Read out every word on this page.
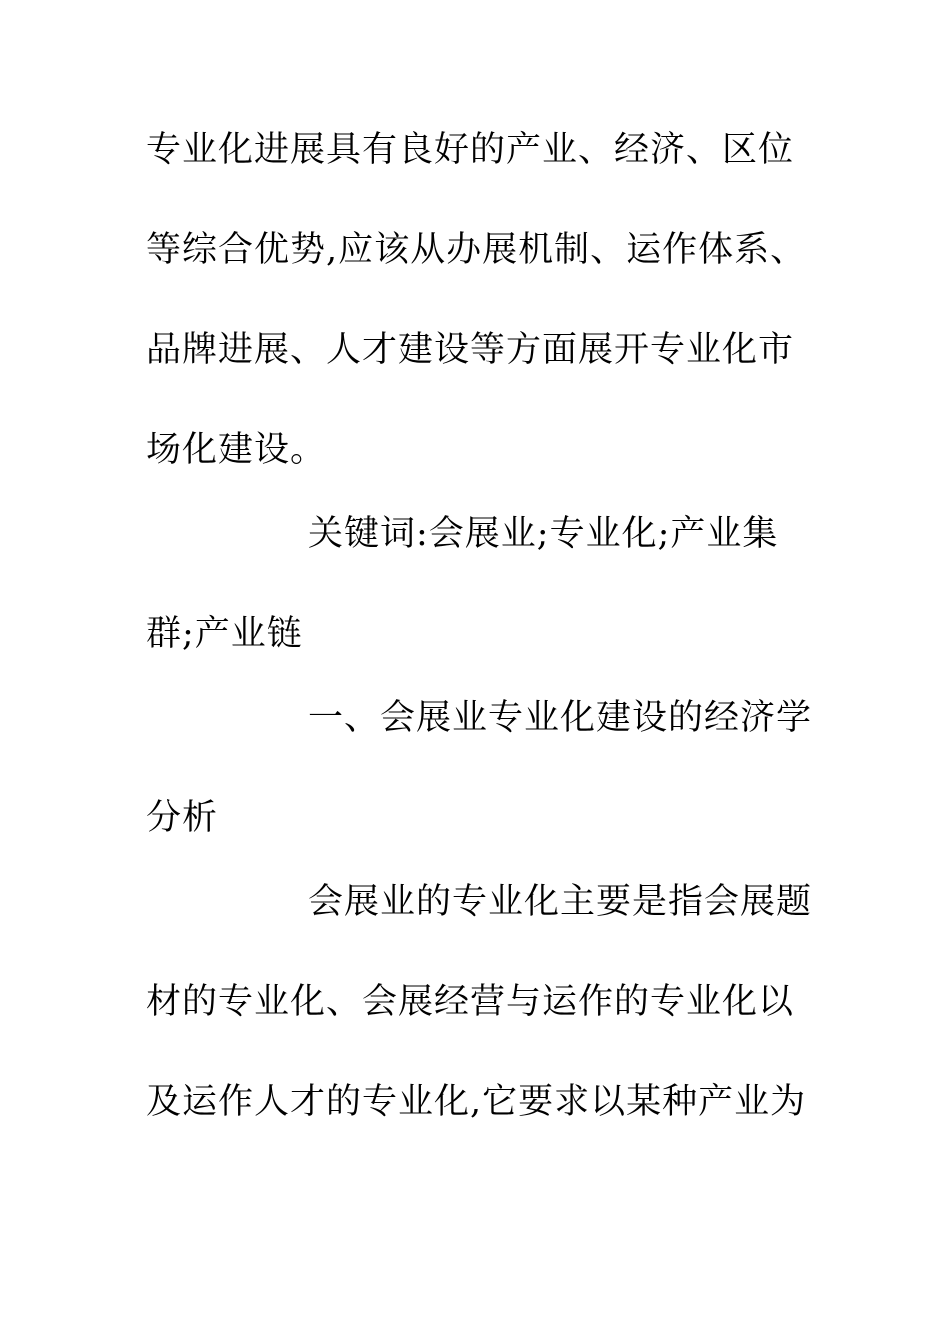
专业化进展具有良好的产业、经济、区位
等综合优势,应该从办展机制、运作体系、
品牌进展、人才建设等方面展开专业化市
场化建设。
关键词:会展业;专业化;产业集
群;产业链
一、会展业专业化建设的经济学
分析
会展业的专业化主要是指会展题
材的专业化、会展经营与运作的专业化以
及运作人才的专业化,它要求以某种产业为
